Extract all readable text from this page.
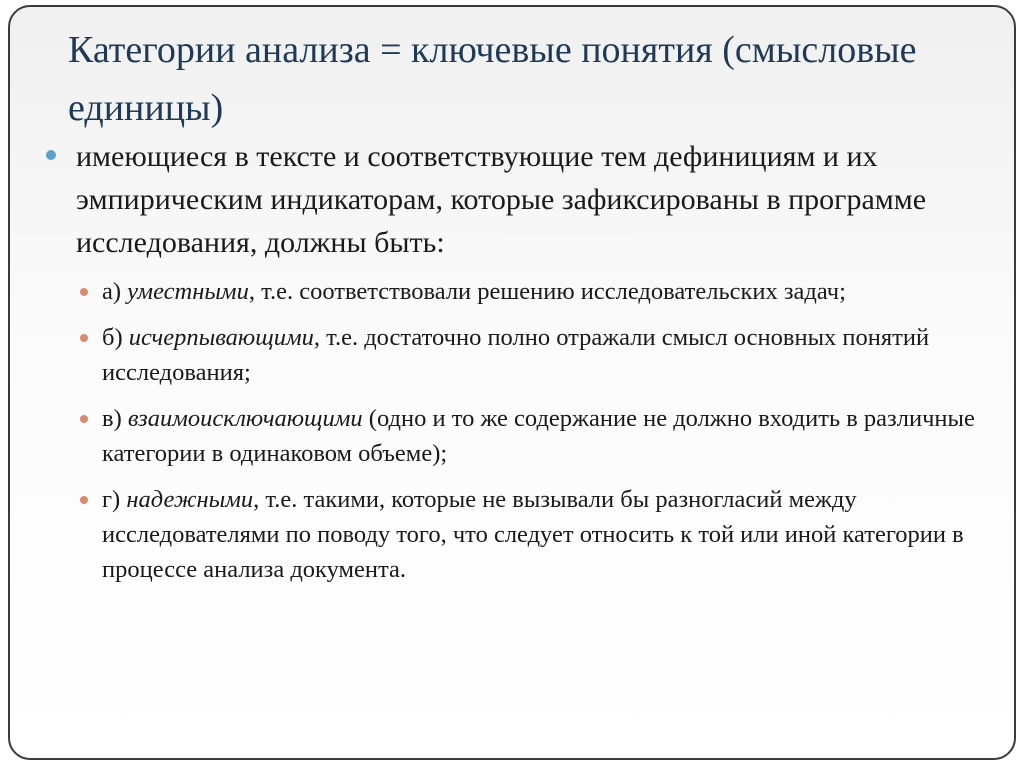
Категории анализа = ключевые понятия (смысловые единицы)
имеющиеся в тексте и соответствующие тем дефинициям и их эмпирическим индикаторам, которые зафиксированы в программе исследования, должны быть:
а) уместными, т.е. соответствовали решению исследовательских задач;
б) исчерпывающими, т.е. достаточно полно отражали смысл основных понятий исследования;
в) взаимоисключающими (одно и то же содержание не должно входить в различные категории в одинаковом объеме);
г) надежными, т.е. такими, которые не вызывали бы разногласий между исследователями по поводу того, что следует относить к той или иной категории в процессе анализа документа.
